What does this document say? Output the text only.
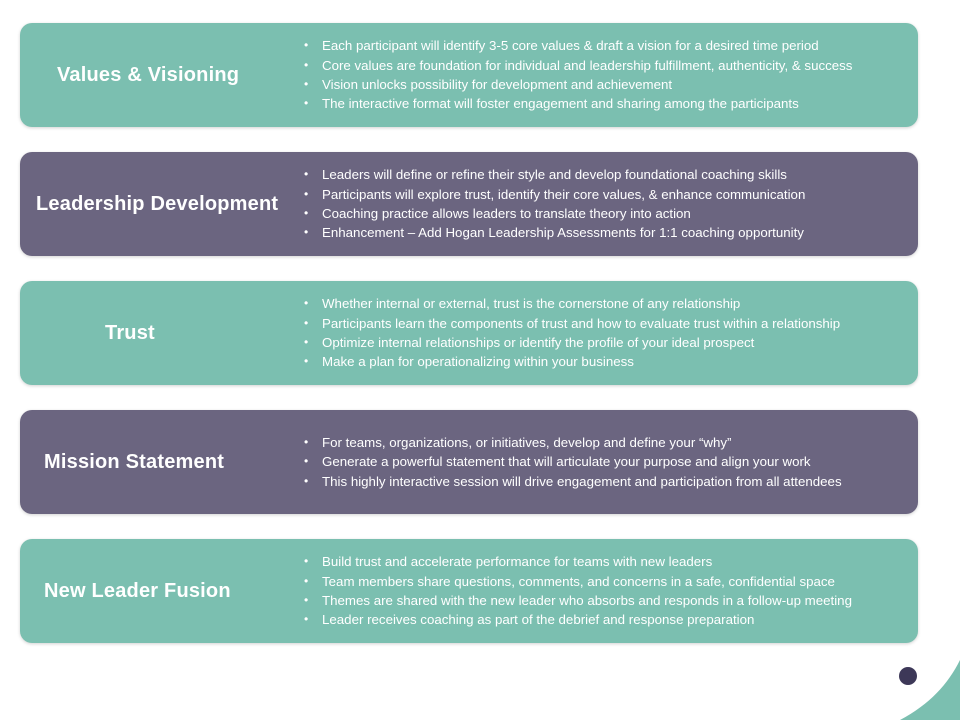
Values & Visioning
• Each participant will identify 3-5 core values & draft a vision for a desired time period
• Core values are foundation for individual and leadership fulfillment, authenticity, & success
• Vision unlocks possibility for development and achievement
• The interactive format will foster engagement and sharing among the participants
Leadership Development
• Leaders will define or refine their style and develop foundational coaching skills
• Participants will explore trust, identify their core values, & enhance communication
• Coaching practice allows leaders to translate theory into action
• Enhancement – Add Hogan Leadership Assessments for 1:1 coaching opportunity
Trust
• Whether internal or external, trust is the cornerstone of any relationship
• Participants learn the components of trust and how to evaluate trust within a relationship
• Optimize internal relationships or identify the profile of your ideal prospect
• Make a plan for operationalizing within your business
Mission Statement
• For teams, organizations, or initiatives, develop and define your “why”
• Generate a powerful statement that will articulate your purpose and align your work
• This highly interactive session will drive engagement and participation from all attendees
New Leader Fusion
• Build trust and accelerate performance for teams with new leaders
• Team members share questions, comments, and concerns in a safe, confidential space
• Themes are shared with the new leader who absorbs and responds in a follow-up meeting
• Leader receives coaching as part of the debrief and response preparation
